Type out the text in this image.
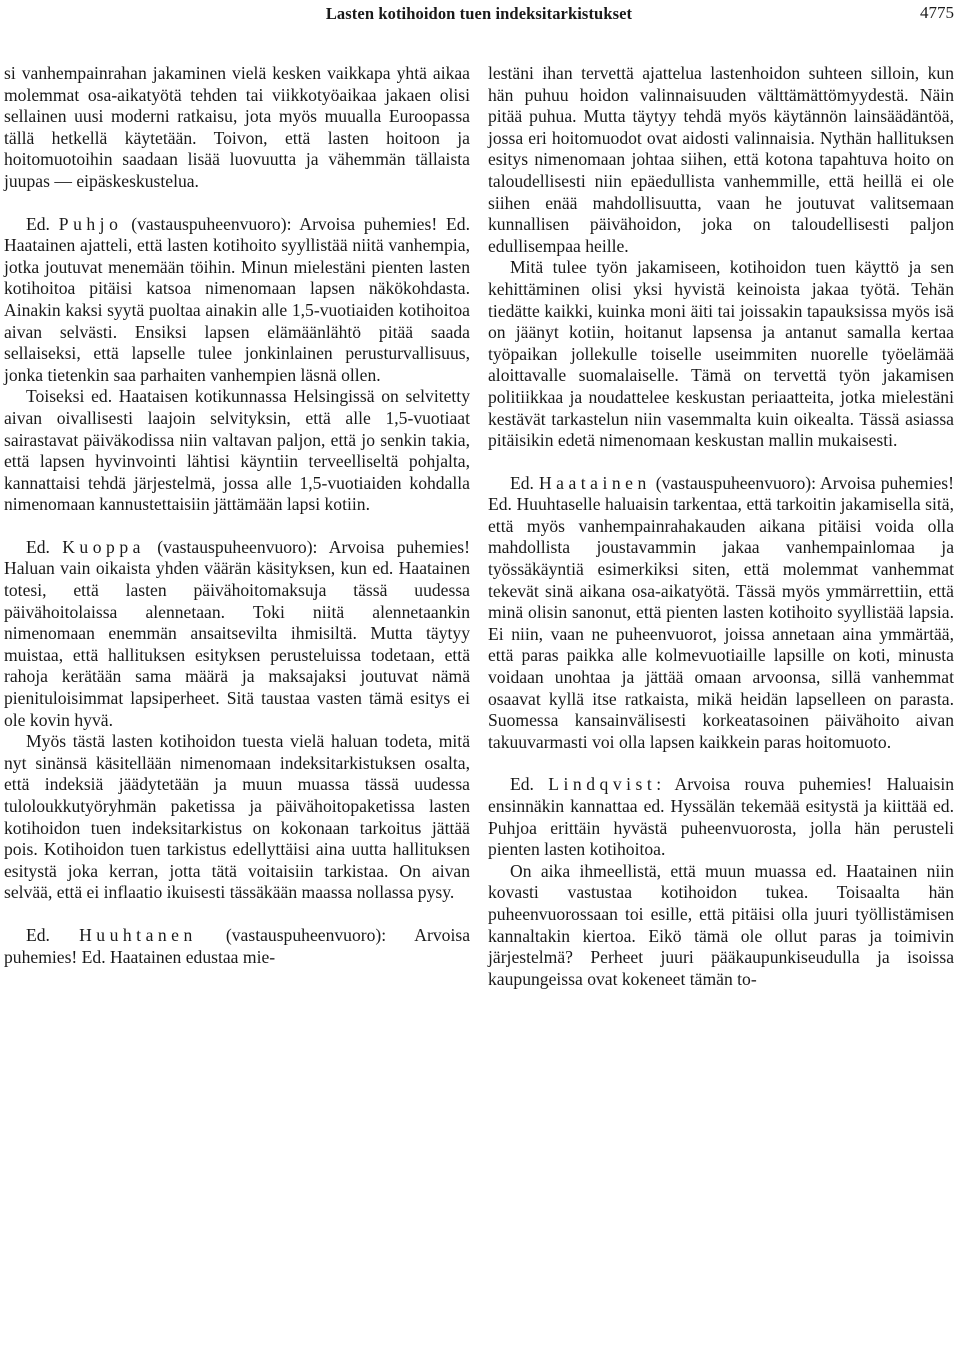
Lasten kotihoidon tuen indeksitarkistukset	4775

si vanhempainrahan jakaminen vielä kesken vaikkapa yhtä aikaa molemmat osa-aikatyötä tehden tai viikkotyöaikaa jakaen olisi sellainen uusi moderni ratkaisu, jota myös muualla Euroopassa tällä hetkellä käytetään. Toivon, että lasten hoitoon ja hoitomuotoihin saadaan lisää luovuutta ja vähemmän tällaista juupas — eipäskeskustelua.

Ed. Puhjo (vastauspuheenvuoro): Arvoisa puhemies! Ed. Haatainen ajatteli, että lasten kotihoito syyllistää niitä vanhempia, jotka joutuvat menemään töihin. Minun mielestäni pienten lasten kotihoitoa pitäisi katsoa nimenomaan lapsen näkökohdasta. Ainakin kaksi syytä puoltaa ainakin alle 1,5-vuotiaiden kotihoitoa aivan selvästi. Ensiksi lapsen elämäänlähtö pitää saada sellaiseksi, että lapselle tulee jonkinlainen perusturvallisuus, jonka tietenkin saa parhaiten vanhempien läsnä ollen.

Toiseksi ed. Haataisen kotikunnassa Helsingissä on selvitetty aivan oivallisesti laajoin selvityksin, että alle 1,5-vuotiaat sairastavat päiväkodissa niin valtavan paljon, että jo senkin takia, että lapsen hyvinvointi lähtisi käyntiin terveelliseltä pohjalta, kannattaisi tehdä järjestelmä, jossa alle 1,5-vuotiaiden kohdalla nimenomaan kannustettaisiin jättämään lapsi kotiin.

Ed. Kuoppa (vastauspuheenvuoro): Arvoisa puhemies! Haluan vain oikaista yhden väärän käsityksen, kun ed. Haatainen totesi, että lasten päivähoitomaksuja tässä uudessa päivähoitolaissa alennetaan. Toki niitä alennetaankin nimenomaan enemmän ansaitsevilta ihmisiltä. Mutta täytyy muistaa, että hallituksen esityksen perusteluissa todetaan, että rahoja kerätään sama määrä ja maksajaksi joutuvat nämä pienituloisimmat lapsiperheet. Sitä taustaa vasten tämä esitys ei ole kovin hyvä.

Myös tästä lasten kotihoidon tuesta vielä haluan todeta, mitä nyt sinänsä käsitellään nimenomaan indeksitarkistuksen osalta, että indeksiä jäädytetään ja muun muassa tässä uudessa tuloloukkutyöryhmän paketissa ja päivähoitopaketissa lasten kotihoidon tuen indeksitarkistus on kokonaan tarkoitus jättää pois. Kotihoidon tuen tarkistus edellyttäisi aina uutta hallituksen esitystä joka kerran, jotta tätä voitaisiin tarkistaa. On aivan selvää, että ei inflaatio ikuisesti tässäkään maassa nollassa pysy.

Ed. Huuhtanen (vastauspuheenvuoro): Arvoisa puhemies! Ed. Haatainen edustaa mie-

lestäni ihan tervettä ajattelua lastenhoidon suhteen silloin, kun hän puhuu hoidon valinnaisuuden välttämättömyydestä. Näin pitää puhua. Mutta täytyy tehdä myös käytännön lainsäädäntöä, jossa eri hoitomuodot ovat aidosti valinnaisia. Nythän hallituksen esitys nimenomaan johtaa siihen, että kotona tapahtuva hoito on taloudellisesti niin epäedullista vanhemmille, että heillä ei ole siihen enää mahdollisuutta, vaan he joutuvat valitsemaan kunnallisen päivähoidon, joka on taloudellisesti paljon edullisempaa heille.

Mitä tulee työn jakamiseen, kotihoidon tuen käyttö ja sen kehittäminen olisi yksi hyvistä keinoista jakaa työtä. Tehän tiedätte kaikki, kuinka moni äiti tai joissakin tapauksissa myös isä on jäänyt kotiin, hoitanut lapsensa ja antanut samalla kertaa työpaikan jollekulle toiselle useimmiten nuorelle työelämää aloittavalle suomalaiselle. Tämä on tervettä työn jakamisen politiikkaa ja noudattelee keskustan periaatteita, jotka mielestäni kestävät tarkastelun niin vasemmalta kuin oikealta. Tässä asiassa pitäisikin edetä nimenomaan keskustan mallin mukaisesti.

Ed. Haatainen (vastauspuheenvuoro): Arvoisa puhemies! Ed. Huuhtaselle haluaisin tarkentaa, että tarkoitin jakamisella sitä, että myös vanhempainrahakauden aikana pitäisi voida olla mahdollista joustavammin jakaa vanhempainlomaa ja työssäkäyntiä esimerkiksi siten, että molemmat vanhemmat tekevät sinä aikana osa-aikatyötä. Tässä myös ymmärrettiin, että minä olisin sanonut, että pienten lasten kotihoito syyllistää lapsia. Ei niin, vaan ne puheenvuorot, joissa annetaan aina ymmärtää, että paras paikka alle kolmevuotiaille lapsille on koti, minusta voidaan unohtaa ja jättää omaan arvoonsa, sillä vanhemmat osaavat kyllä itse ratkaista, mikä heidän lapselleen on parasta. Suomessa kansainvälisesti korkeatasoinen päivähoito aivan takuuvarmasti voi olla lapsen kaikkein paras hoitomuoto.

Ed. Lindqvist: Arvoisa rouva puhemies! Haluaisin ensinnäkin kannattaa ed. Hyssälän tekemää esitystä ja kiittää ed. Puhjoa erittäin hyvästä puheenvuorosta, jolla hän perusteli pienten lasten kotihoitoa.

On aika ihmeellistä, että muun muassa ed. Haatainen niin kovasti vastustaa kotihoidon tukea. Toisaalta hän puheenvuorossaan toi esille, että pitäisi olla juuri työllistämisen kannaltakin kiertoa. Eikö tämä ole ollut paras ja toimivin järjestelmä? Perheet juuri pääkaupunkiseudulla ja isoissa kaupungeissa ovat kokeneet tämän to-
